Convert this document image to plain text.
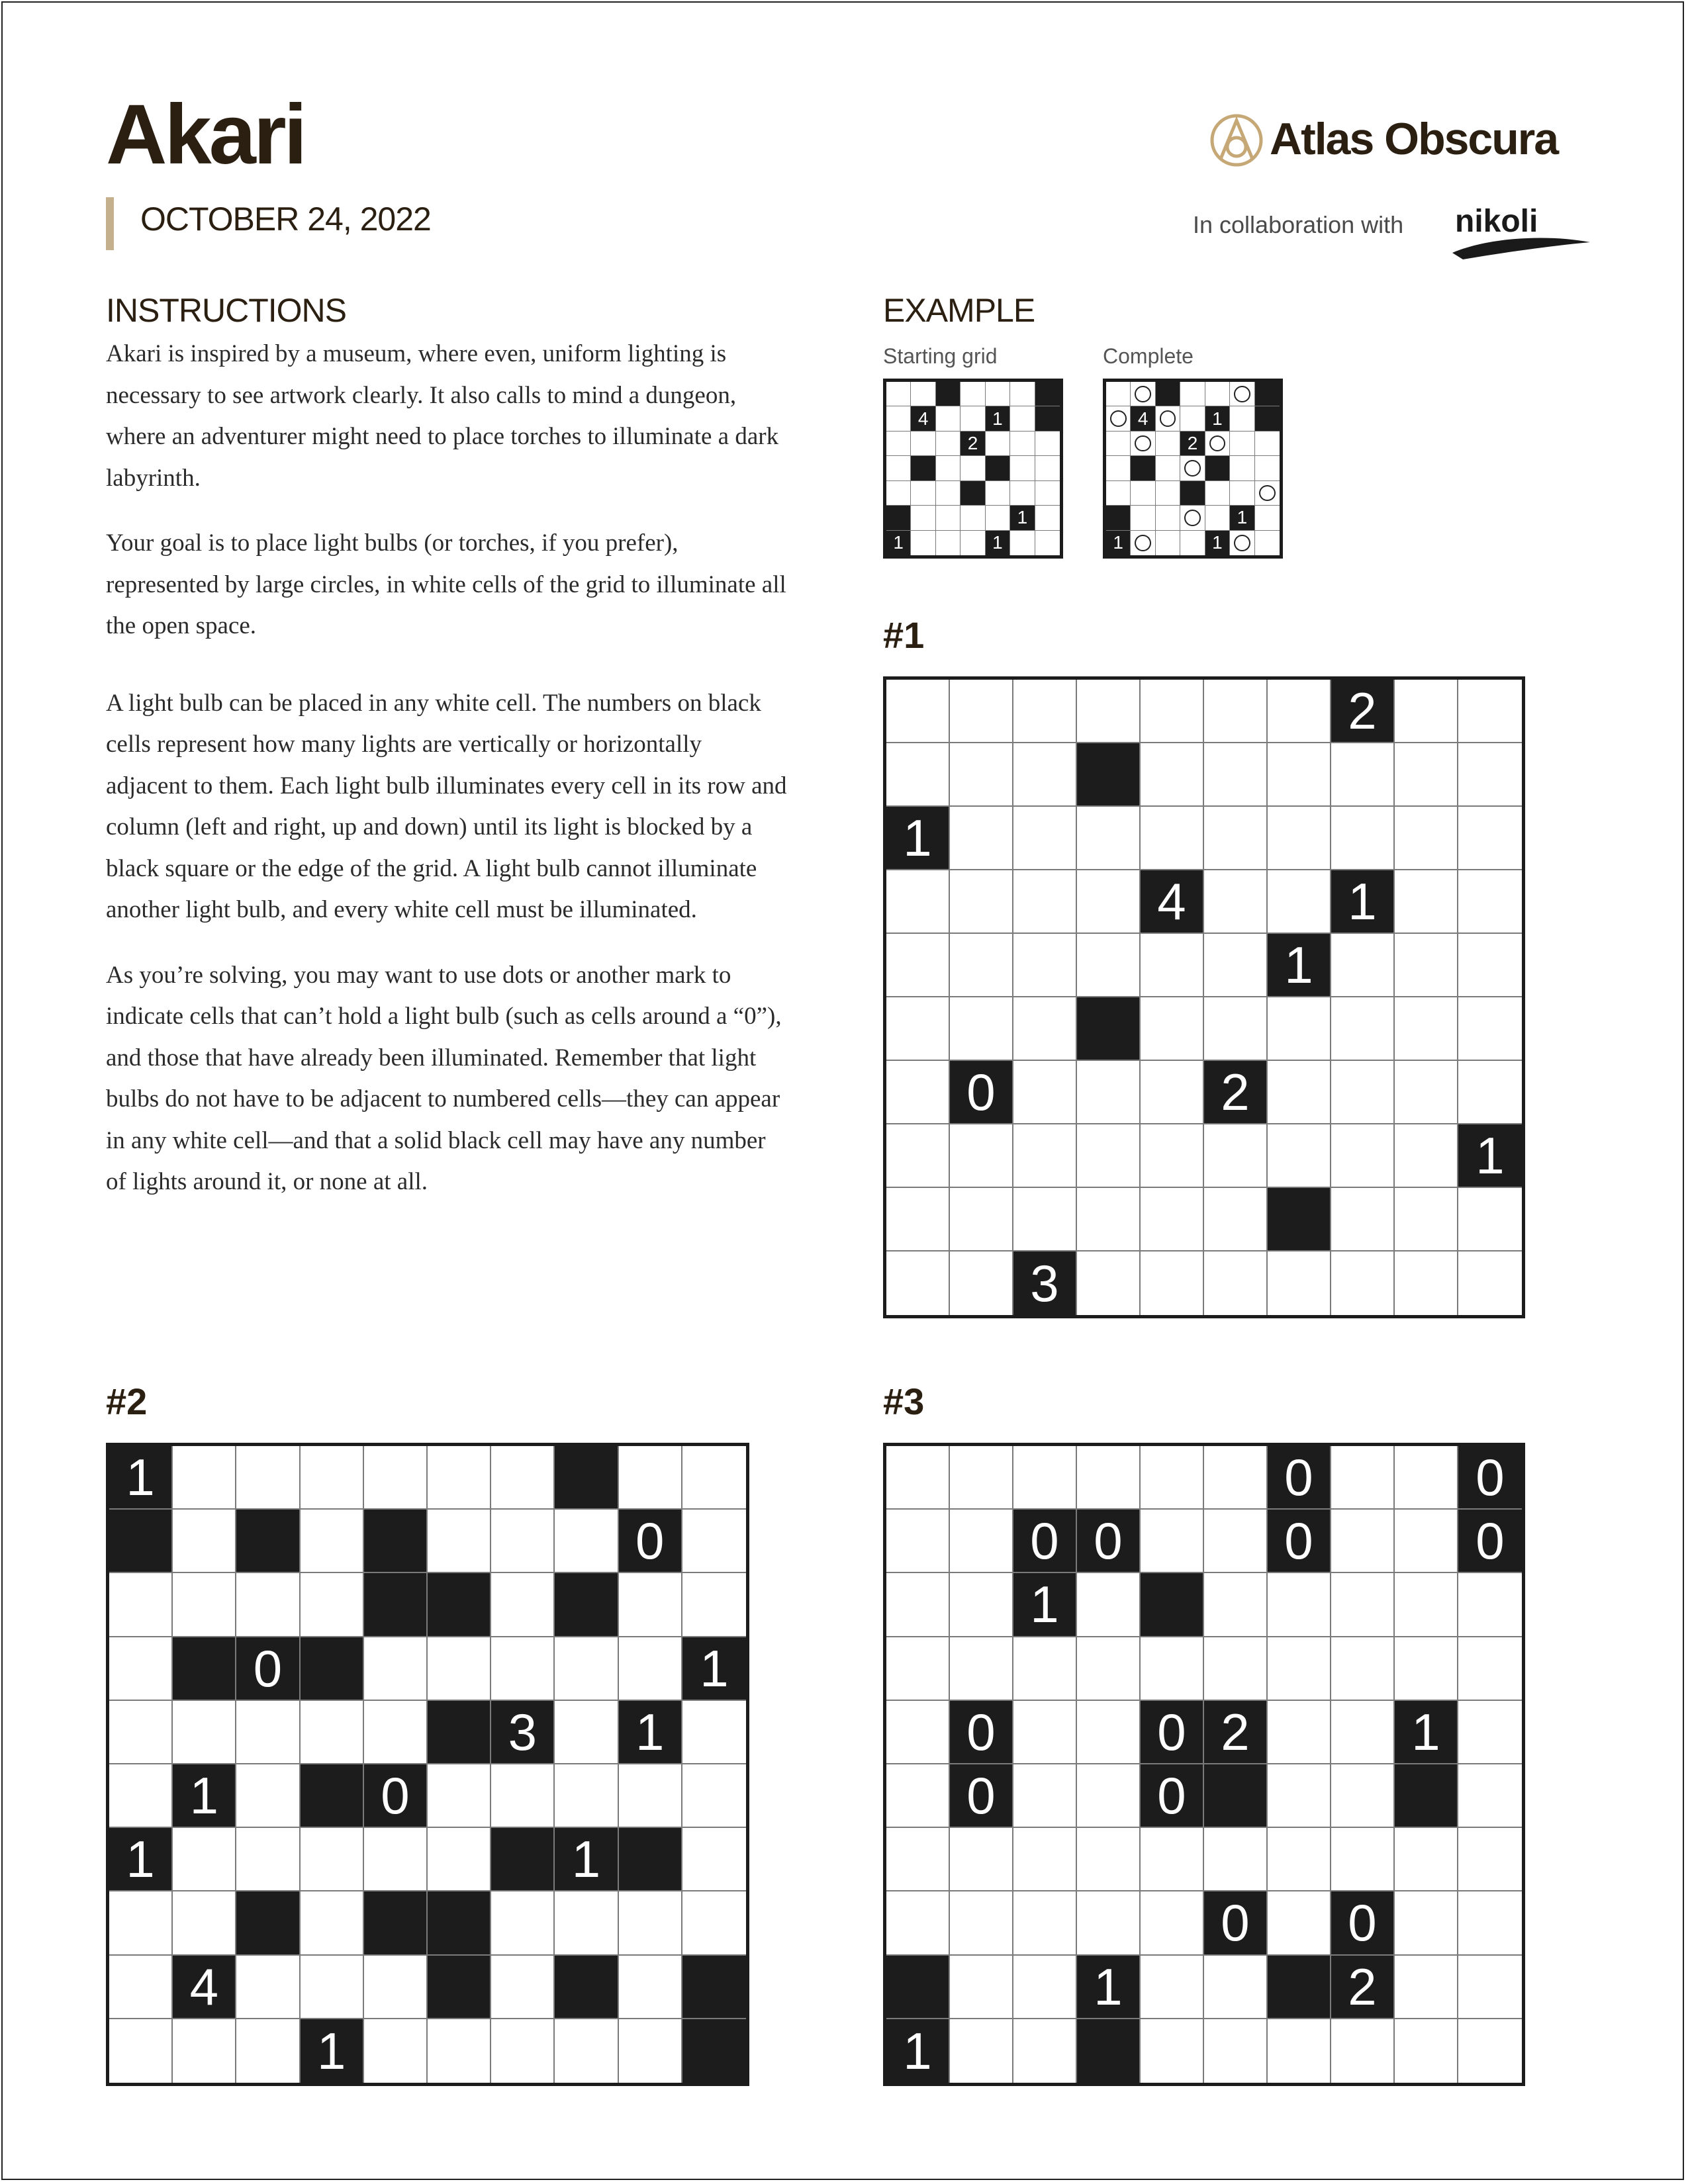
Akari
OCTOBER 24, 2022
Atlas Obscura
In collaboration with nikoli
INSTRUCTIONS

Akari is inspired by a museum, where even, uniform lighting is necessary to see artwork clearly. It also calls to mind a dungeon, where an adventurer might need to place torches to illuminate a dark labyrinth.

Your goal is to place light bulbs (or torches, if you prefer), represented by large circles, in white cells of the grid to illuminate all the open space.

A light bulb can be placed in any white cell. The numbers on black cells represent how many lights are vertically or horizontally adjacent to them. Each light bulb illuminates every cell in its row and column (left and right, up and down) until its light is blocked by a black square or the edge of the grid. A light bulb cannot illuminate another light bulb, and every white cell must be illuminated.

As you’re solving, you may want to use dots or another mark to indicate cells that can’t hold a light bulb (such as cells around a “0”), and those that have already been illuminated. Remember that light bulbs do not have to be adjacent to numbered cells—they can appear in any white cell—and that a solid black cell may have any number of lights around it, or none at all.

EXAMPLE
Starting grid	Complete
4	1
2
1
1	1
4	1
2
1
1	1
#1
2
1
4	1
1
0	2
1
3
#2
1
0
0	1
3	1
1	0
1	1
4
1
#3
0	0
0 0	0	0
1
0	0 2	1
0	0
0	0
1	2
1
